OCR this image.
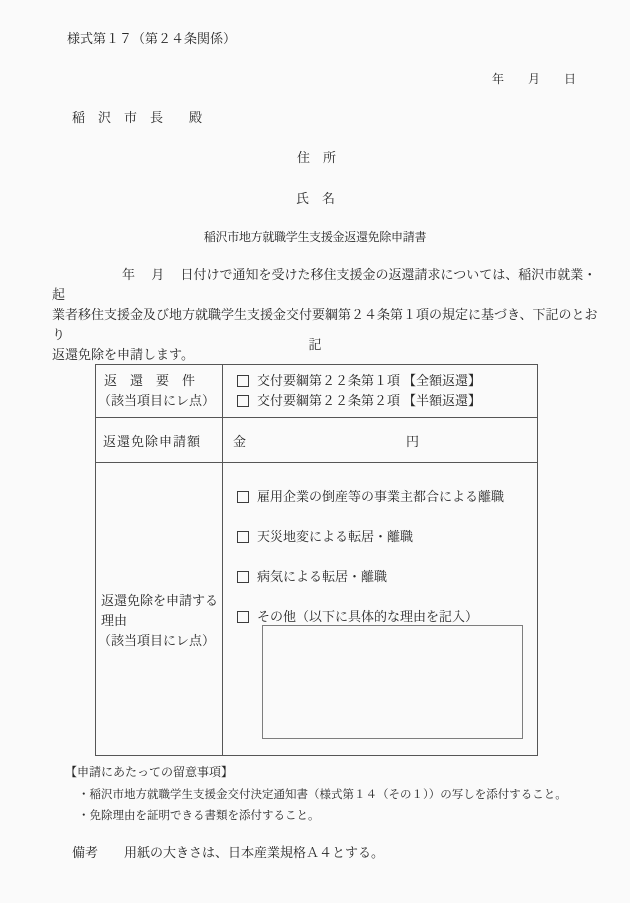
様式第１７（第２４条関係）
年　　月　　日
稲　沢　市　長　　殿
住　所
氏　名
稲沢市地方就職学生支援金返還免除申請書
年　 月　 日付けで通知を受けた移住支援金の返還請求については、稲沢市就業・起
業者移住支援金及び地方就職学生支援金交付要綱第２４条第１項の規定に基づき、下記のとおり
返還免除を申請します。
記
返　還　要　件
（該当項目にレ点）
交付要綱第２２条第１項 【全額返還】
交付要綱第２２条第２項 【半額返還】
返還免除申請額	金	円
返還免除を申請する
理由
（該当項目にレ点）
雇用企業の倒産等の事業主都合による離職
天災地変による転居・離職
病気による転居・離職
その他（以下に具体的な理由を記入）
【申請にあたっての留意事項】
・稲沢市地方就職学生支援金交付決定通知書（様式第１４（その１））の写しを添付すること。
・免除理由を証明できる書類を添付すること。
備考　　用紙の大きさは、日本産業規格Ａ４とする。
